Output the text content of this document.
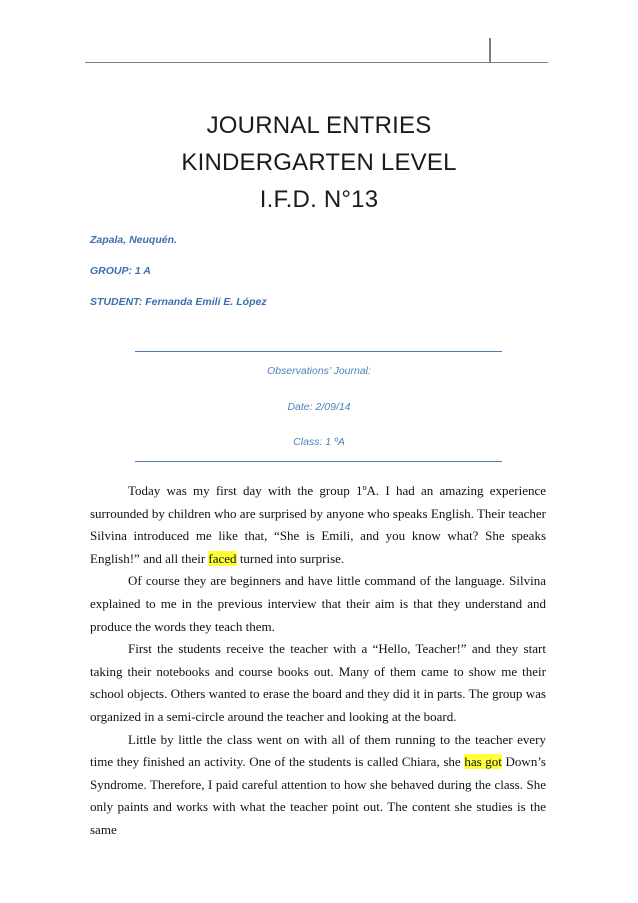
JOURNAL ENTRIES
KINDERGARTEN LEVEL
I.F.D. N°13
Zapala, Neuquén.
GROUP: 1 A
STUDENT: Fernanda Emili E. López
Observations’ Journal:
Date: 2/09/14
Class: 1 ºA

Today was my first day with the group 1ºA. I had an amazing experience surrounded by children who are surprised by anyone who speaks English. Their teacher Silvina introduced me like that, “She is Emili, and you know what? She speaks English!” and all their faced turned into surprise.

Of course they are beginners and have little command of the language. Silvina explained to me in the previous interview that their aim is that they understand and produce the words they teach them.

First the students receive the teacher with a “Hello, Teacher!” and they start taking their notebooks and course books out. Many of them came to show me their school objects. Others wanted to erase the board and they did it in parts. The group was organized in a semi-circle around the teacher and looking at the board.

Little by little the class went on with all of them running to the teacher every time they finished an activity. One of the students is called Chiara, she has got Down’s Syndrome. Therefore, I paid careful attention to how she behaved during the class. She only paints and works with what the teacher point out. The content she studies is the same
